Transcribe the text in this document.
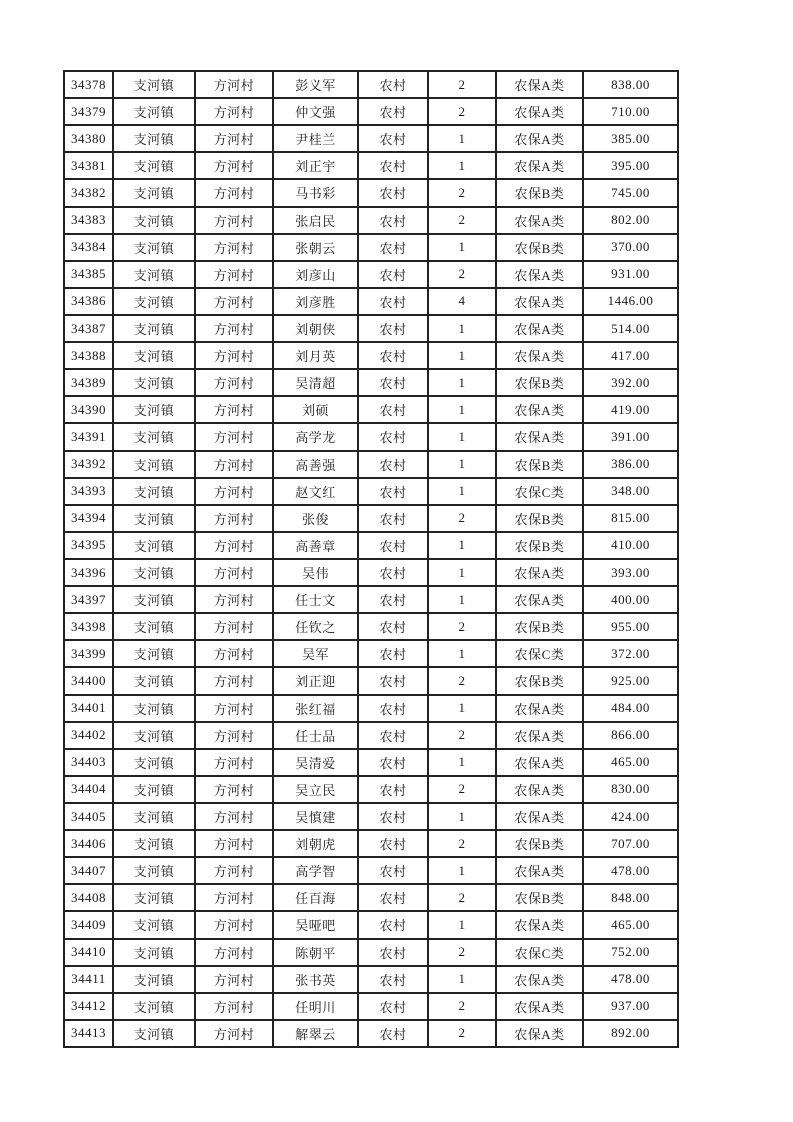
34378	支河镇	方河村	彭义军	农村	2	农保A类	838.00
34379	支河镇	方河村	仲文强	农村	2	农保A类	710.00
34380	支河镇	方河村	尹桂兰	农村	1	农保A类	385.00
34381	支河镇	方河村	刘正宇	农村	1	农保A类	395.00
34382	支河镇	方河村	马书彩	农村	2	农保B类	745.00
34383	支河镇	方河村	张启民	农村	2	农保A类	802.00
34384	支河镇	方河村	张朝云	农村	1	农保B类	370.00
34385	支河镇	方河村	刘彦山	农村	2	农保A类	931.00
34386	支河镇	方河村	刘彦胜	农村	4	农保A类	1446.00
34387	支河镇	方河村	刘朝侠	农村	1	农保A类	514.00
34388	支河镇	方河村	刘月英	农村	1	农保A类	417.00
34389	支河镇	方河村	吴清超	农村	1	农保B类	392.00
34390	支河镇	方河村	刘硕	农村	1	农保A类	419.00
34391	支河镇	方河村	高学龙	农村	1	农保A类	391.00
34392	支河镇	方河村	高善强	农村	1	农保B类	386.00
34393	支河镇	方河村	赵文红	农村	1	农保C类	348.00
34394	支河镇	方河村	张俊	农村	2	农保B类	815.00
34395	支河镇	方河村	高善章	农村	1	农保B类	410.00
34396	支河镇	方河村	吴伟	农村	1	农保A类	393.00
34397	支河镇	方河村	任士文	农村	1	农保A类	400.00
34398	支河镇	方河村	任钦之	农村	2	农保B类	955.00
34399	支河镇	方河村	吴军	农村	1	农保C类	372.00
34400	支河镇	方河村	刘正迎	农村	2	农保B类	925.00
34401	支河镇	方河村	张红福	农村	1	农保A类	484.00
34402	支河镇	方河村	任士品	农村	2	农保A类	866.00
34403	支河镇	方河村	吴清爱	农村	1	农保A类	465.00
34404	支河镇	方河村	吴立民	农村	2	农保A类	830.00
34405	支河镇	方河村	吴慎建	农村	1	农保A类	424.00
34406	支河镇	方河村	刘朝虎	农村	2	农保B类	707.00
34407	支河镇	方河村	高学智	农村	1	农保A类	478.00
34408	支河镇	方河村	任百海	农村	2	农保B类	848.00
34409	支河镇	方河村	吴哑吧	农村	1	农保A类	465.00
34410	支河镇	方河村	陈朝平	农村	2	农保C类	752.00
34411	支河镇	方河村	张书英	农村	1	农保A类	478.00
34412	支河镇	方河村	任明川	农村	2	农保A类	937.00
34413	支河镇	方河村	解翠云	农村	2	农保A类	892.00
